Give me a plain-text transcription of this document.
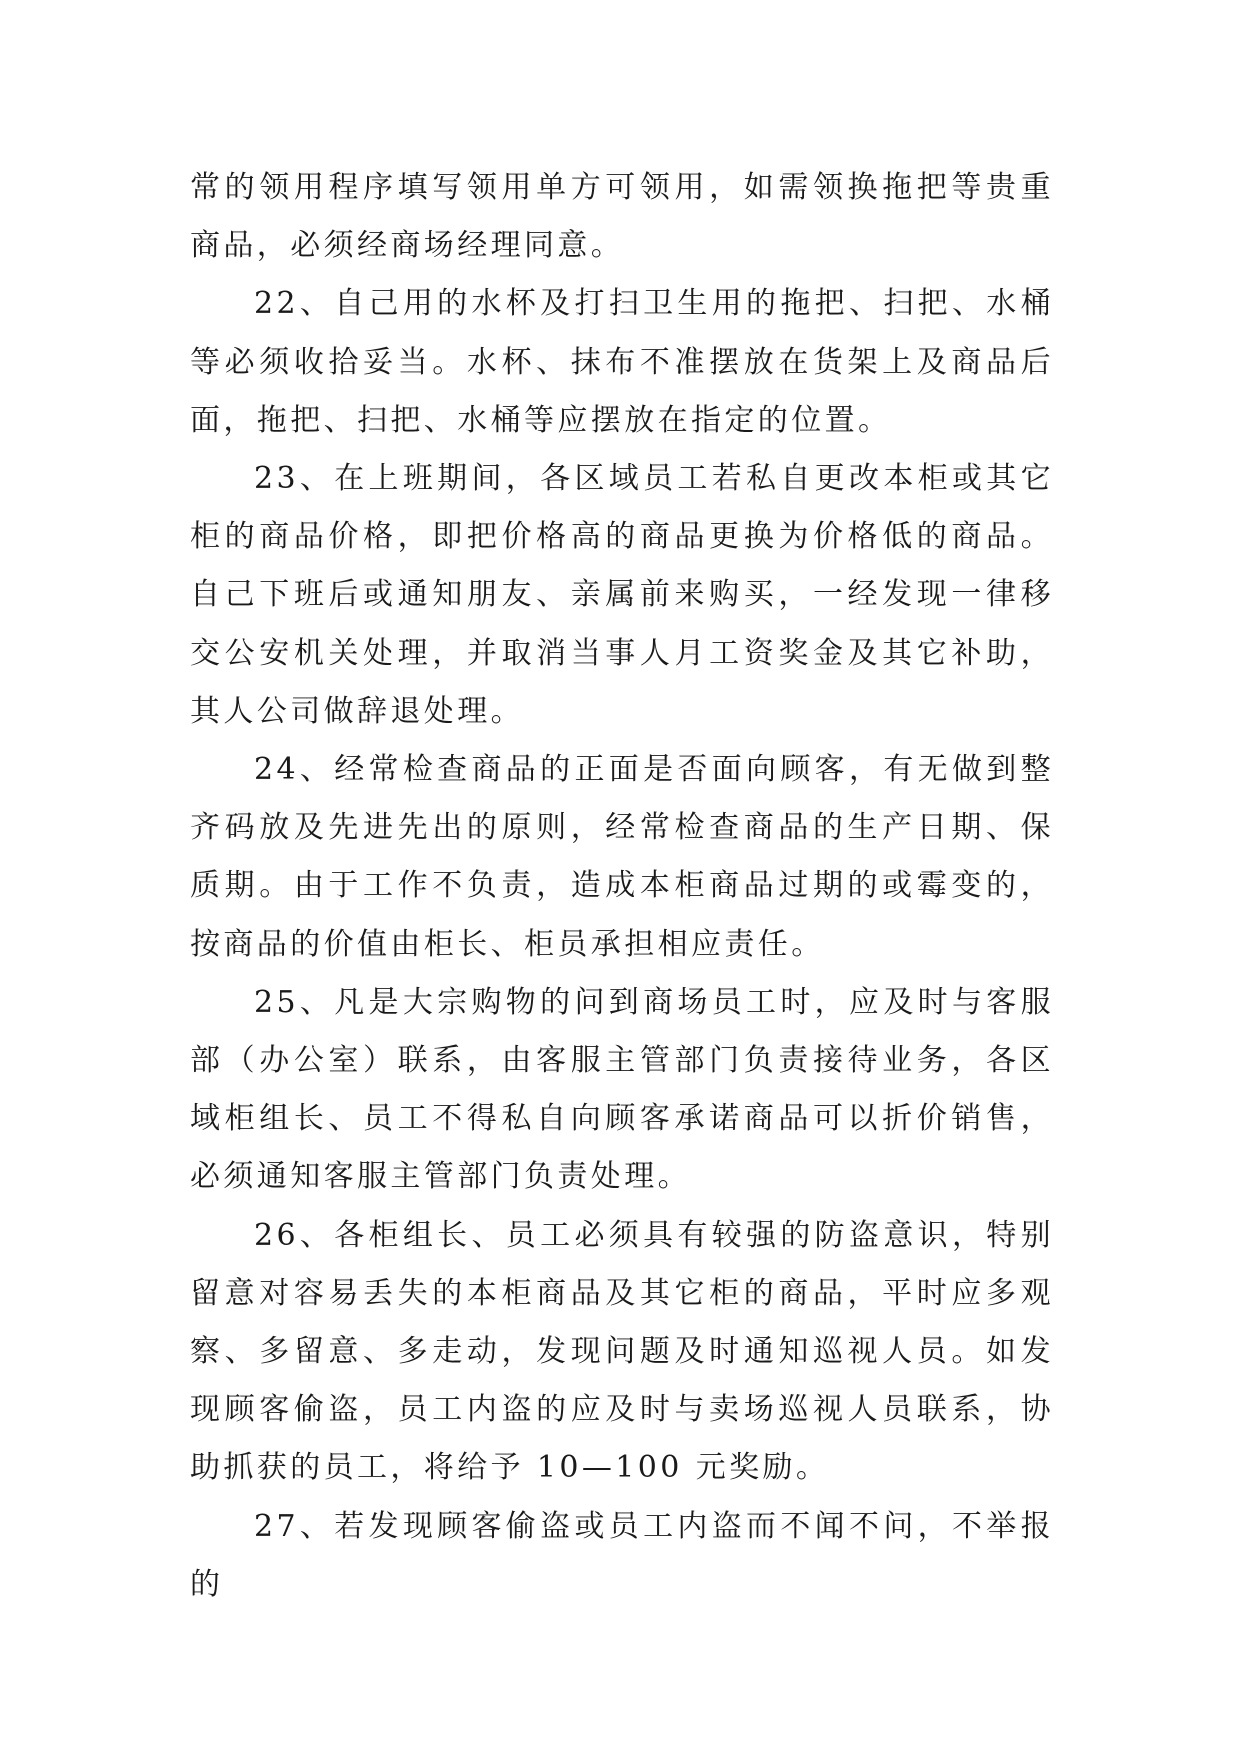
常的领用程序填写领用单方可领用，如需领换拖把等贵重商品，必须经商场经理同意。

22、自己用的水杯及打扫卫生用的拖把、扫把、水桶等必须收拾妥当。水杯、抹布不准摆放在货架上及商品后面，拖把、扫把、水桶等应摆放在指定的位置。

23、在上班期间，各区域员工若私自更改本柜或其它柜的商品价格，即把价格高的商品更换为价格低的商品。自己下班后或通知朋友、亲属前来购买，一经发现一律移交公安机关处理，并取消当事人月工资奖金及其它补助，其人公司做辞退处理。

24、经常检查商品的正面是否面向顾客，有无做到整齐码放及先进先出的原则，经常检查商品的生产日期、保质期。由于工作不负责，造成本柜商品过期的或霉变的，按商品的价值由柜长、柜员承担相应责任。

25、凡是大宗购物的问到商场员工时，应及时与客服部（办公室）联系，由客服主管部门负责接待业务，各区域柜组长、员工不得私自向顾客承诺商品可以折价销售，必须通知客服主管部门负责处理。

26、各柜组长、员工必须具有较强的防盗意识，特别留意对容易丢失的本柜商品及其它柜的商品，平时应多观察、多留意、多走动，发现问题及时通知巡视人员。如发现顾客偷盗，员工内盗的应及时与卖场巡视人员联系，协助抓获的员工，将给予 10—100 元奖励。

27、若发现顾客偷盗或员工内盗而不闻不问，不举报的
